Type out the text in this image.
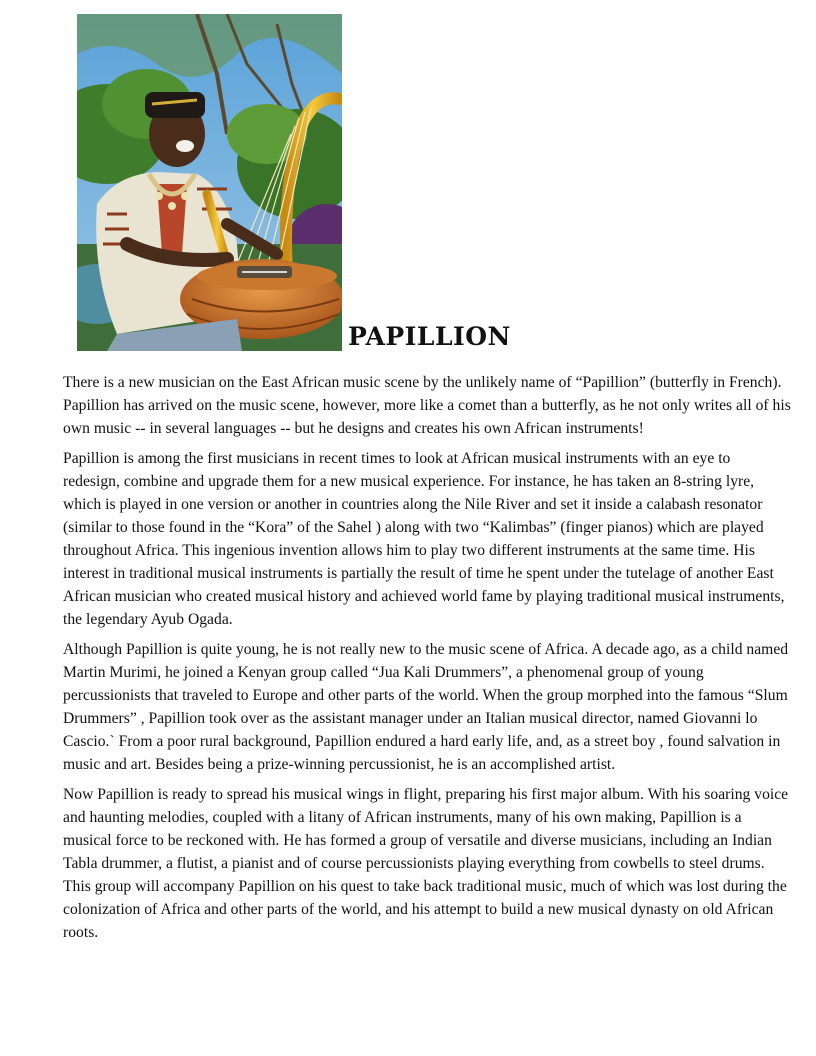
PAPILLION

There is a new musician on the East African music scene by the unlikely name of “Papillion” (butterfly in French). Papillion has arrived on the music scene, however, more like a comet than a butterfly, as he not only writes all of his own music -- in several languages -- but he designs and creates his own African instruments!

Papillion is among the first musicians in recent times to look at African musical instruments with an eye to redesign, combine and upgrade them for a new musical experience. For instance, he has taken an 8-string lyre, which is played in one version or another in countries along the Nile River and set it inside a calabash resonator (similar to those found in the “Kora” of the Sahel ) along with two “Kalimbas” (finger pianos) which are played throughout Africa. This ingenious invention allows him to play two different instruments at the same time. His interest in traditional musical instruments is partially the result of time he spent under the tutelage of another East African musician who created musical history and achieved world fame by playing traditional musical instruments, the legendary Ayub Ogada.

Although Papillion is quite young, he is not really new to the music scene of Africa. A decade ago, as a child named Martin Murimi, he joined a Kenyan group called “Jua Kali Drummers”, a phenomenal group of young percussionists that traveled to Europe and other parts of the world. When the group morphed into the famous “Slum Drummers” , Papillion took over as the assistant manager under an Italian musical director, named Giovanni lo Cascio.` From a poor rural background, Papillion endured a hard early life, and, as a street boy , found salvation in music and art. Besides being a prize-winning percussionist, he is an accomplished artist.

Now Papillion is ready to spread his musical wings in flight, preparing his first major album. With his soaring voice and haunting melodies, coupled with a litany of African instruments, many of his own making, Papillion is a musical force to be reckoned with. He has formed a group of versatile and diverse musicians, including an Indian Tabla drummer, a flutist, a pianist and of course percussionists playing everything from cowbells to steel drums. This group will accompany Papillion on his quest to take back traditional music, much of which was lost during the colonization of Africa and other parts of the world, and his attempt to build a new musical dynasty on old African roots.
